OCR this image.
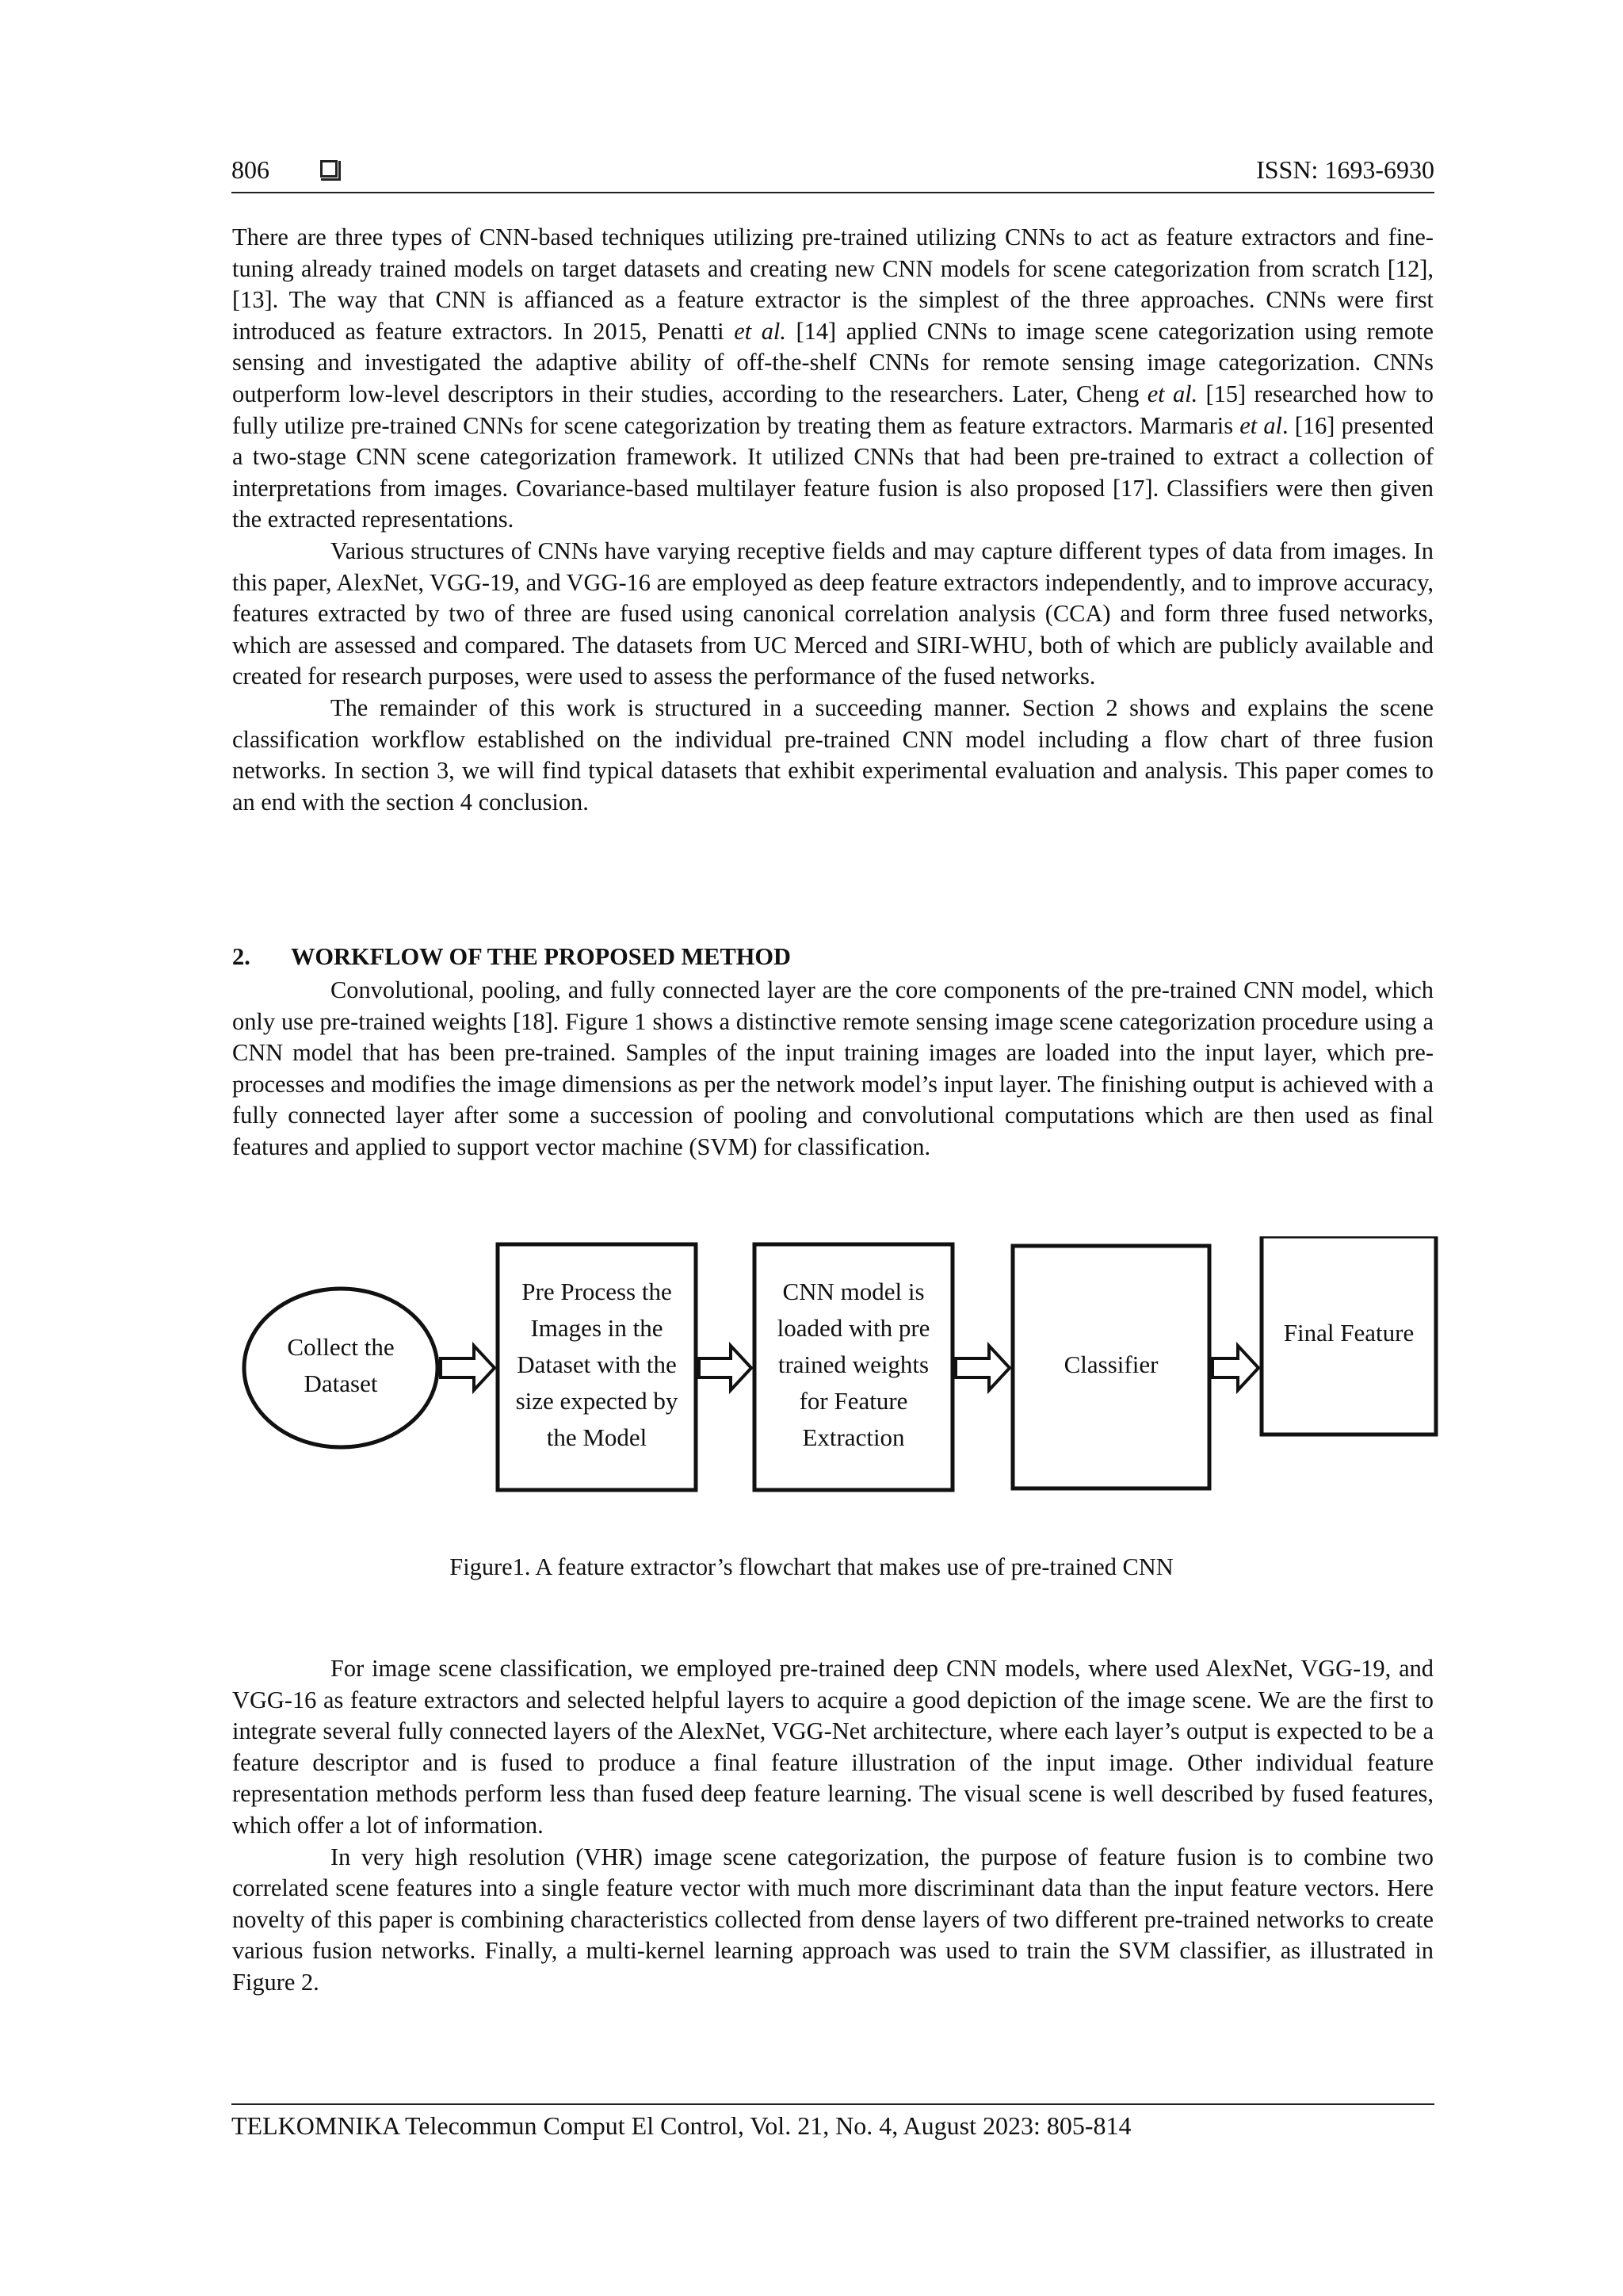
806	ISSN: 1693-6930

There are three types of CNN-based techniques utilizing pre-trained utilizing CNNs to act as feature extractors and fine-tuning already trained models on target datasets and creating new CNN models for scene categorization from scratch [12], [13]. The way that CNN is affianced as a feature extractor is the simplest of the three approaches. CNNs were first introduced as feature extractors. In 2015, Penatti et al. [14] applied CNNs to image scene categorization using remote sensing and investigated the adaptive ability of off-the-shelf CNNs for remote sensing image categorization. CNNs outperform low-level descriptors in their studies, according to the researchers. Later, Cheng et al. [15] researched how to fully utilize pre-trained CNNs for scene categorization by treating them as feature extractors. Marmaris et al. [16] presented a two-stage CNN scene categorization framework. It utilized CNNs that had been pre-trained to extract a collection of interpretations from images. Covariance-based multilayer feature fusion is also proposed [17]. Classifiers were then given the extracted representations.

Various structures of CNNs have varying receptive fields and may capture different types of data from images. In this paper, AlexNet, VGG-19, and VGG-16 are employed as deep feature extractors independently, and to improve accuracy, features extracted by two of three are fused using canonical correlation analysis (CCA) and form three fused networks, which are assessed and compared. The datasets from UC Merced and SIRI-WHU, both of which are publicly available and created for research purposes, were used to assess the performance of the fused networks.

The remainder of this work is structured in a succeeding manner. Section 2 shows and explains the scene classification workflow established on the individual pre-trained CNN model including a flow chart of three fusion networks. In section 3, we will find typical datasets that exhibit experimental evaluation and analysis. This paper comes to an end with the section 4 conclusion.

2. WORKFLOW OF THE PROPOSED METHOD

Convolutional, pooling, and fully connected layer are the core components of the pre-trained CNN model, which only use pre-trained weights [18]. Figure 1 shows a distinctive remote sensing image scene categorization procedure using a CNN model that has been pre-trained. Samples of the input training images are loaded into the input layer, which pre-processes and modifies the image dimensions as per the network model’s input layer. The finishing output is achieved with a fully connected layer after some a succession of pooling and convolutional computations which are then used as final features and applied to support vector machine (SVM) for classification.

Collect the
Dataset
Pre Process the
Images in the
Dataset with the
size expected by
the Model
CNN model is
loaded with pre
trained weights
for Feature
Extraction
Classifier
Final Feature
Figure1. A feature extractor’s flowchart that makes use of pre-trained CNN

For image scene classification, we employed pre-trained deep CNN models, where used AlexNet, VGG-19, and VGG-16 as feature extractors and selected helpful layers to acquire a good depiction of the image scene. We are the first to integrate several fully connected layers of the AlexNet, VGG-Net architecture, where each layer’s output is expected to be a feature descriptor and is fused to produce a final feature illustration of the input image. Other individual feature representation methods perform less than fused deep feature learning. The visual scene is well described by fused features, which offer a lot of information.

In very high resolution (VHR) image scene categorization, the purpose of feature fusion is to combine two correlated scene features into a single feature vector with much more discriminant data than the input feature vectors. Here novelty of this paper is combining characteristics collected from dense layers of two different pre-trained networks to create various fusion networks. Finally, a multi-kernel learning approach was used to train the SVM classifier, as illustrated in Figure 2.

TELKOMNIKA Telecommun Comput El Control, Vol. 21, No. 4, August 2023: 805-814
